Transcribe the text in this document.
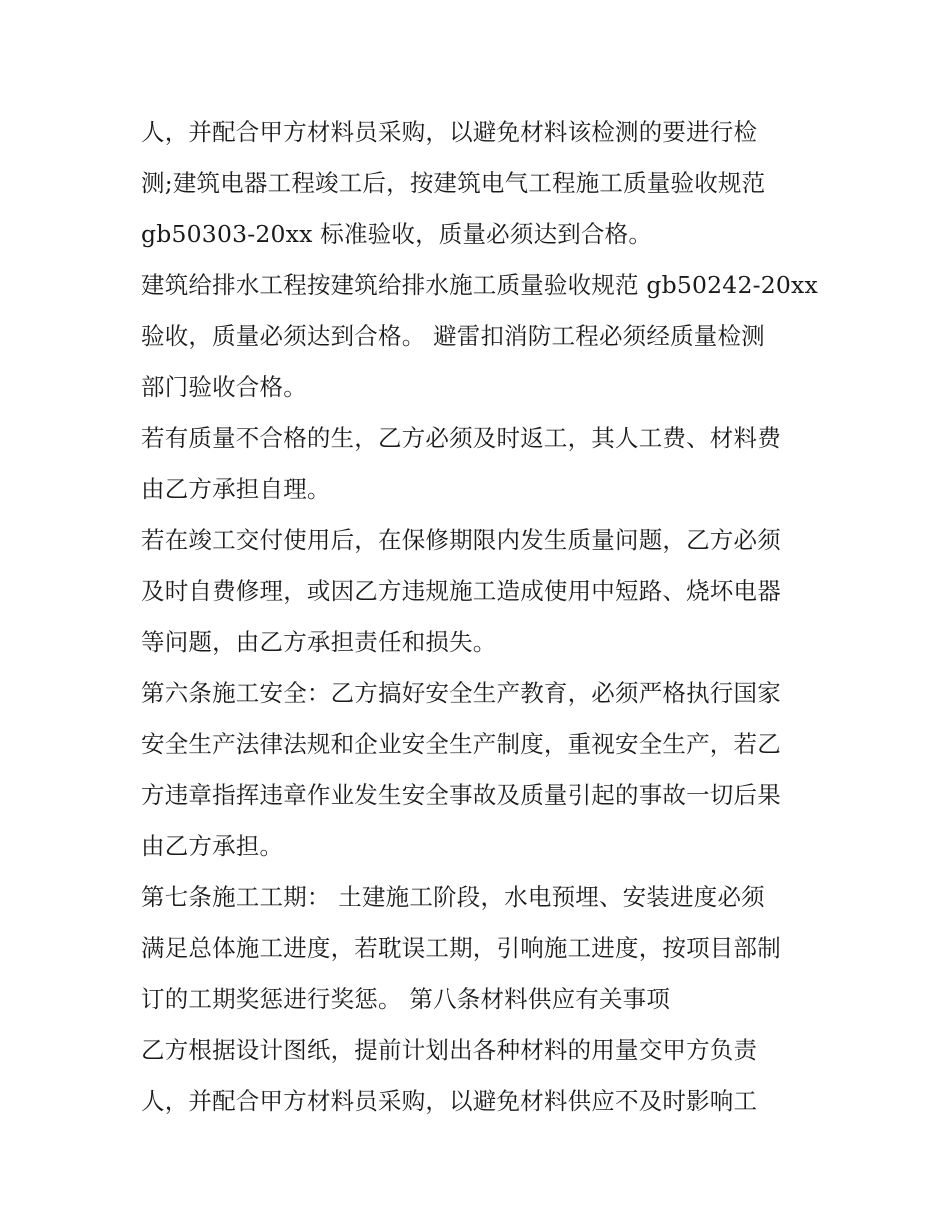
人，并配合甲方材料员采购，以避免材料该检测的要进行检
测;建筑电器工程竣工后，按建筑电气工程施工质量验收规范
gb50303-20xx 标准验收，质量必须达到合格。
建筑给排水工程按建筑给排水施工质量验收规范 gb50242-20xx
验收，质量必须达到合格。 避雷扣消防工程必须经质量检测
部门验收合格。
若有质量不合格的生，乙方必须及时返工，其人工费、材料费
由乙方承担自理。
若在竣工交付使用后，在保修期限内发生质量问题，乙方必须
及时自费修理，或因乙方违规施工造成使用中短路、烧坏电器
等问题，由乙方承担责任和损失。
第六条施工安全：乙方搞好安全生产教育，必须严格执行国家
安全生产法律法规和企业安全生产制度，重视安全生产，若乙
方违章指挥违章作业发生安全事故及质量引起的事故一切后果
由乙方承担。
第七条施工工期： 土建施工阶段，水电预埋、安装进度必须
满足总体施工进度，若耽误工期，引响施工进度，按项目部制
订的工期奖惩进行奖惩。 第八条材料供应有关事项
乙方根据设计图纸，提前计划出各种材料的用量交甲方负责
人，并配合甲方材料员采购，以避免材料供应不及时影响工
